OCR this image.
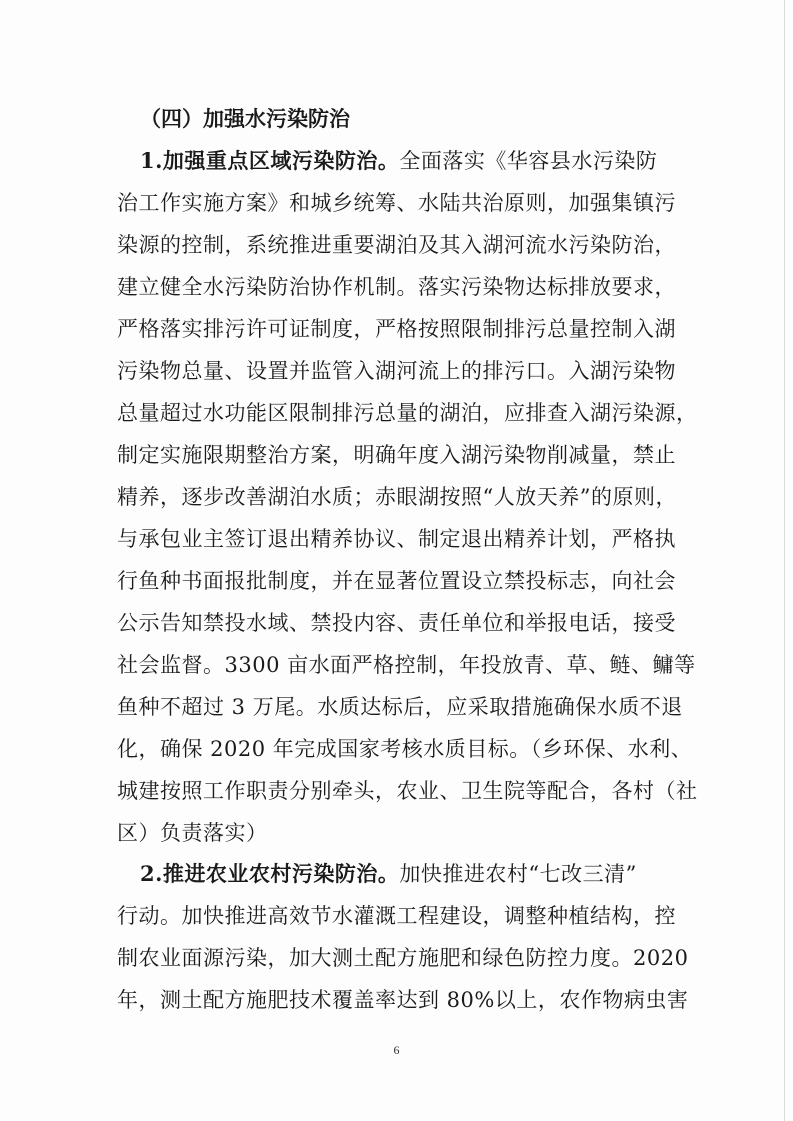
（四）加强水污染防治
1.加强重点区域污染防治。全面落实《华容县水污染防
治工作实施方案》和城乡统筹、水陆共治原则，加强集镇污
染源的控制，系统推进重要湖泊及其入湖河流水污染防治，
建立健全水污染防治协作机制。落实污染物达标排放要求，
严格落实排污许可证制度，严格按照限制排污总量控制入湖
污染物总量、设置并监管入湖河流上的排污口。入湖污染物
总量超过水功能区限制排污总量的湖泊，应排查入湖污染源，
制定实施限期整治方案，明确年度入湖污染物削减量，禁止
精养，逐步改善湖泊水质；赤眼湖按照“人放天养”的原则，
与承包业主签订退出精养协议、制定退出精养计划，严格执
行鱼种书面报批制度，并在显著位置设立禁投标志，向社会
公示告知禁投水域、禁投内容、责任单位和举报电话，接受
社会监督。3300 亩水面严格控制，年投放青、草、鲢、鳙等
鱼种不超过 3 万尾。水质达标后，应采取措施确保水质不退
化，确保 2020 年完成国家考核水质目标。（乡环保、水利、
城建按照工作职责分别牵头，农业、卫生院等配合，各村（社
区）负责落实）
2.推进农业农村污染防治。加快推进农村“七改三清”
行动。加快推进高效节水灌溉工程建设，调整种植结构，控
制农业面源污染，加大测土配方施肥和绿色防控力度。2020
年，测土配方施肥技术覆盖率达到 80%以上，农作物病虫害
6
